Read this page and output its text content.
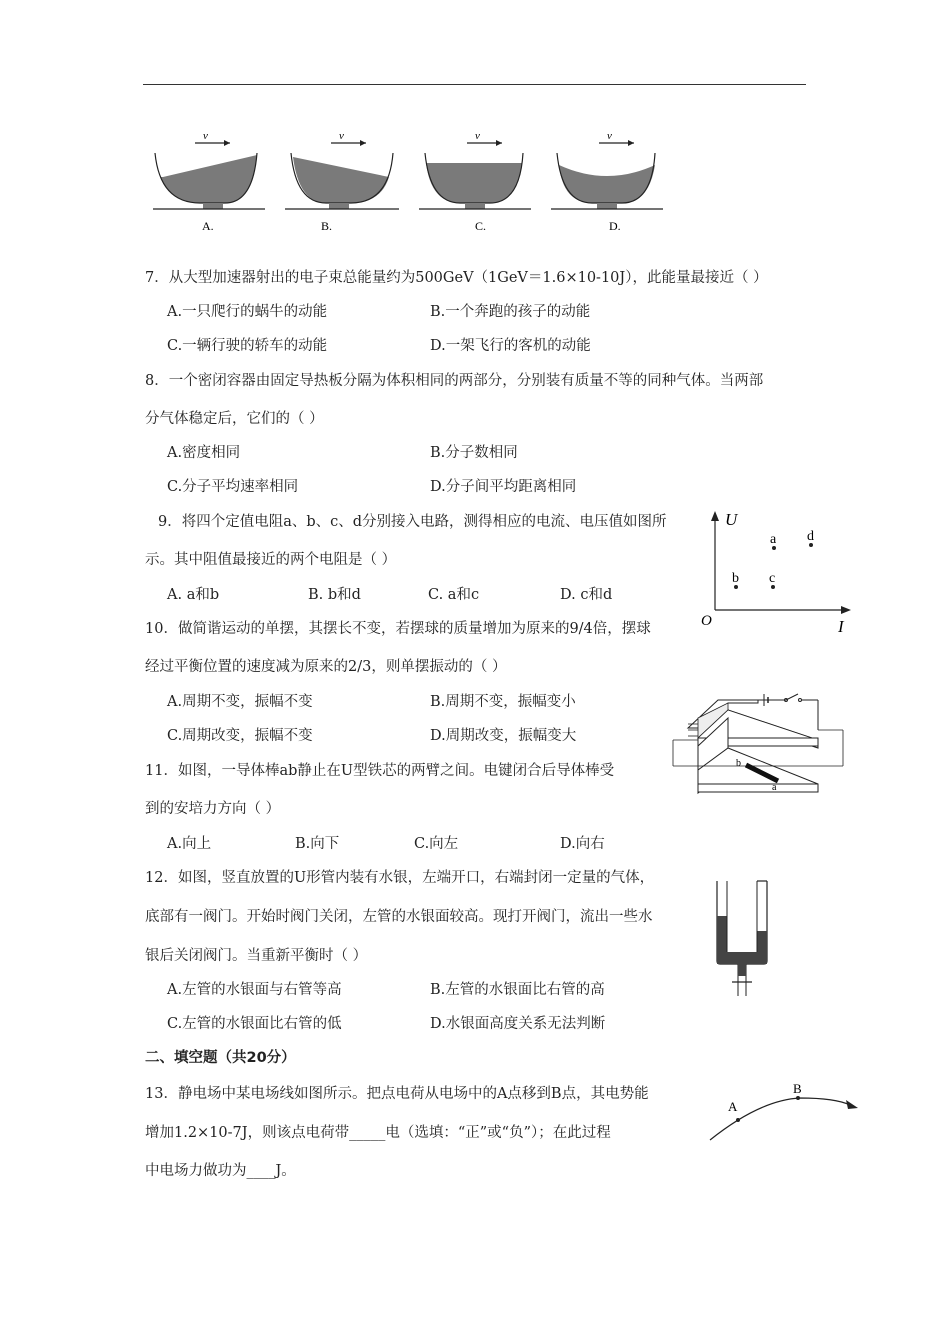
v
A.
v
B.
v
C.
v
D.
7．从大型加速器射出的电子束总能量约为500GeV（1GeV＝1.6×10-10J），此能量最接近（ ）
A.一只爬行的蜗牛的动能	B.一个奔跑的孩子的动能
C.一辆行驶的轿车的动能	D.一架飞行的客机的动能
8．一个密闭容器由固定导热板分隔为体积相同的两部分，分别装有质量不等的同种气体。当两部
分气体稳定后，它们的（ ）
A.密度相同	B.分子数相同
C.分子平均速率相同	D.分子间平均距离相同
9．将四个定值电阻a、b、c、d分别接入电路，测得相应的电流、电压值如图所
示。其中阻值最接近的两个电阻是（ ）
A. a和b	B. b和d	C. a和c	D. c和d
U
I
O
a d
b c
10．做简谐运动的单摆，其摆长不变，若摆球的质量增加为原来的9/4倍，摆球
经过平衡位置的速度减为原来的2/3，则单摆振动的（ ）
A.周期不变，振幅不变	B.周期不变，振幅变小
C.周期改变，振幅不变	D.周期改变，振幅变大
b
a
11．如图，一导体棒ab静止在U型铁芯的两臂之间。电键闭合后导体棒受
到的安培力方向（ ）
A.向上	B.向下	C.向左	D.向右
12．如图，竖直放置的U形管内装有水银，左端开口，右端封闭一定量的气体，
底部有一阀门。开始时阀门关闭，左管的水银面较高。现打开阀门，流出一些水
银后关闭阀门。当重新平衡时（ ）
A.左管的水银面与右管等高	B.左管的水银面比右管的高
C.左管的水银面比右管的低	D.水银面高度关系无法判断
二、填空题（共20分）
13．静电场中某电场线如图所示。把点电荷从电场中的A点移到B点，其电势能
增加1.2×10-7J，则该点电荷带_____电（选填：“正”或“负”）；在此过程
中电场力做功为____J。
A
B
